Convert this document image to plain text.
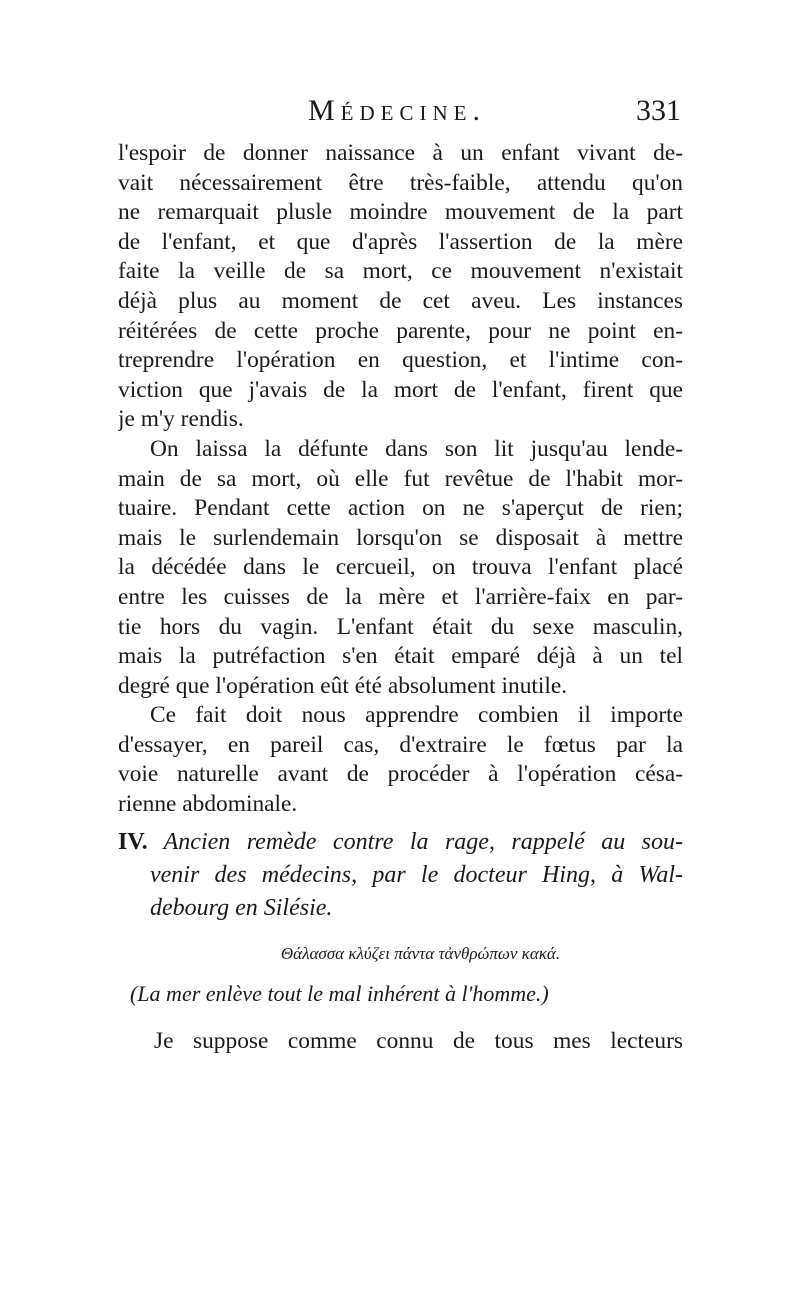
Médecine.	331
l'espoir de donner naissance à un enfant vivant de-
vait nécessairement être très-faible, attendu qu'on
ne remarquait plusle moindre mouvement de la part
de l'enfant, et que d'après l'assertion de la mère
faite la veille de sa mort, ce mouvement n'existait
déjà plus au moment de cet aveu. Les instances
réitérées de cette proche parente, pour ne point en-
treprendre l'opération en question, et l'intime con-
viction que j'avais de la mort de l'enfant, firent que
je m'y rendis.
On laissa la défunte dans son lit jusqu'au lende-
main de sa mort, où elle fut revêtue de l'habit mor-
tuaire. Pendant cette action on ne s'aperçut de rien;
mais le surlendemain lorsqu'on se disposait à mettre
la décédée dans le cercueil, on trouva l'enfant placé
entre les cuisses de la mère et l'arrière-faix en par-
tie hors du vagin. L'enfant était du sexe masculin,
mais la putréfaction s'en était emparé déjà à un tel
degré que l'opération eût été absolument inutile.
Ce fait doit nous apprendre combien il importe
d'essayer, en pareil cas, d'extraire le fœtus par la
voie naturelle avant de procéder à l'opération césa-
rienne abdominale.
IV. Ancien remède contre la rage, rappelé au sou-
venir des médecins, par le docteur Hing, à Wal-
debourg en Silésie.
Θάλασσα κλύζει πάντα τἀνθρώπων κακά.
(La mer enlève tout le mal inhérent à l'homme.)
Je suppose comme connu de tous mes lecteurs
